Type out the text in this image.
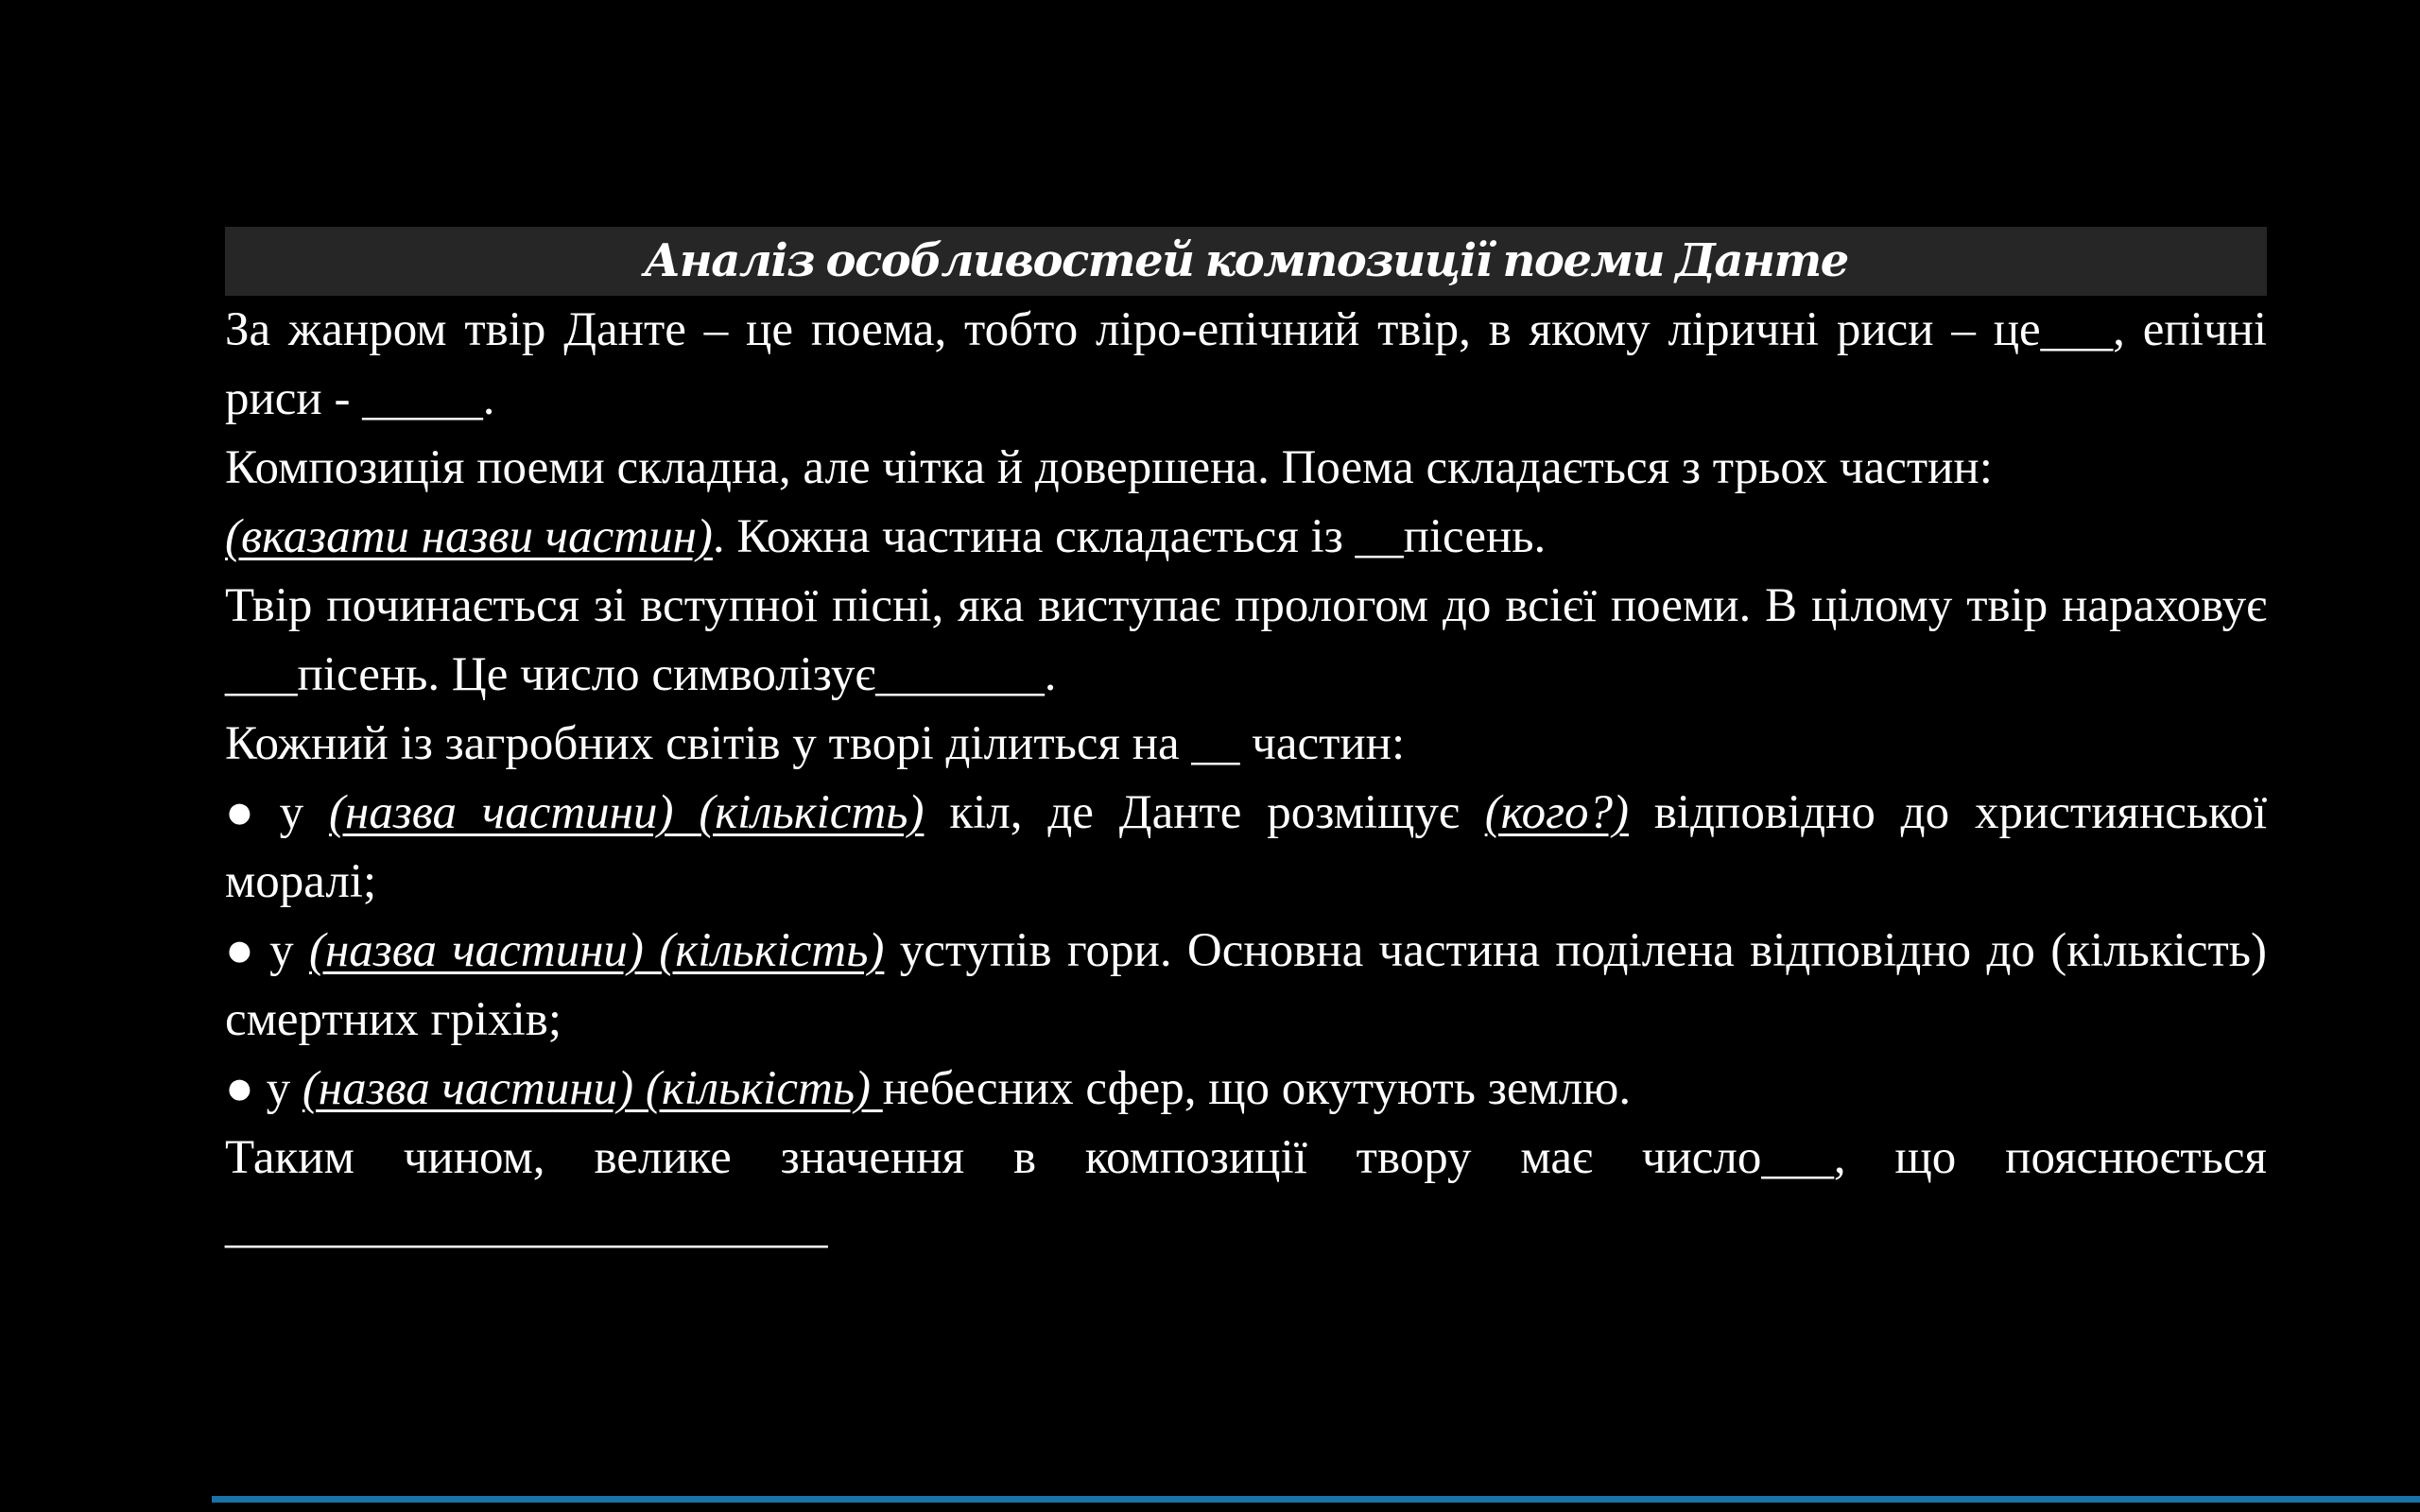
Аналіз особливостей композиції поеми Данте

За жанром твір Данте – це поема, тобто ліро-епічний твір, в якому ліричні риси – це___, епічні риси - _____.

Композиція поеми складна, але чітка й довершена. Поема складається з трьох частин:

(вказати назви частин). Кожна частина складається із __пісень.

Твір починається зі вступної пісні, яка виступає прологом до всієї поеми. В цілому твір нараховує ___пісень. Це число символізує_______.

Кожний із загробних світів у творі ділиться на __ частин:

● у (назва частини) (кількість) кіл, де Данте розміщує (кого?) відповідно до християнської моралі;

● у (назва частини) (кількість) уступів гори. Основна частина поділена відповідно до (кількість) смертних гріхів;

● у (назва частини) (кількість) небесних сфер, що окутують землю.

Таким чином, велике значення в композиції твору має число___, що пояснюється _________________________
